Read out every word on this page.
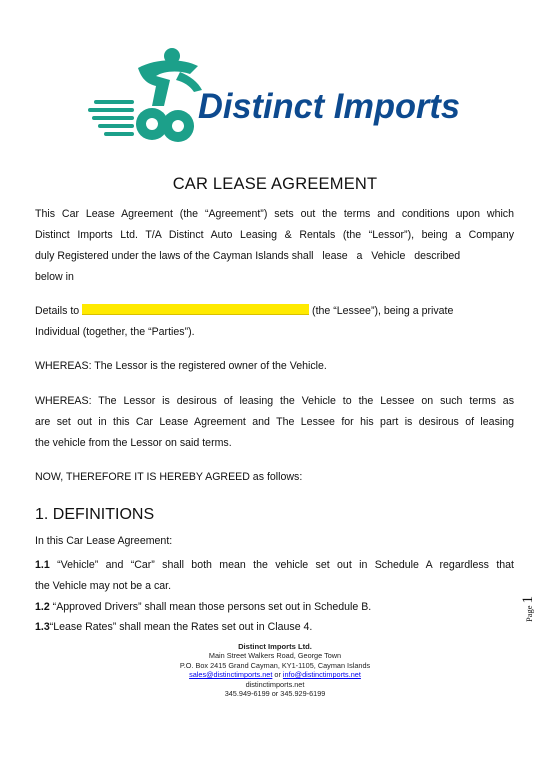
Distinct Imports
CAR LEASE AGREEMENT
This Car Lease Agreement (the “Agreement”) sets out the terms and conditions upon which
Distinct Imports Ltd. T/A Distinct Auto Leasing & Rentals (the “Lessor”), being a Company
duly Registered under the laws of the Cayman Islands shall   lease   a   Vehicle   described
below in
Details to	(the “Lessee”), being a private
Individual (together, the “Parties”).
WHEREAS: The Lessor is the registered owner of the Vehicle.
WHEREAS: The Lessor is desirous of leasing the Vehicle to the Lessee on such terms as
are set out in this Car Lease Agreement and The Lessee for his part is desirous of leasing
the vehicle from the Lessor on said terms.
NOW, THEREFORE IT IS HEREBY AGREED as follows:
1. DEFINITIONS
In this Car Lease Agreement:
1.1 “Vehicle” and “Car” shall both mean the vehicle set out in Schedule A regardless that
the Vehicle may not be a car.
1.2 “Approved Drivers” shall mean those persons set out in Schedule B.
1.3“Lease Rates” shall mean the Rates set out in Clause 4.
Page1
Distinct Imports Ltd.
Main Street Walkers Road, George Town
P.O. Box 2415 Grand Cayman, KY1-1105, Cayman Islands
sales@distinctimports.net or info@distinctimports.net
distinctimports.net
345.949-6199 or 345.929-6199
